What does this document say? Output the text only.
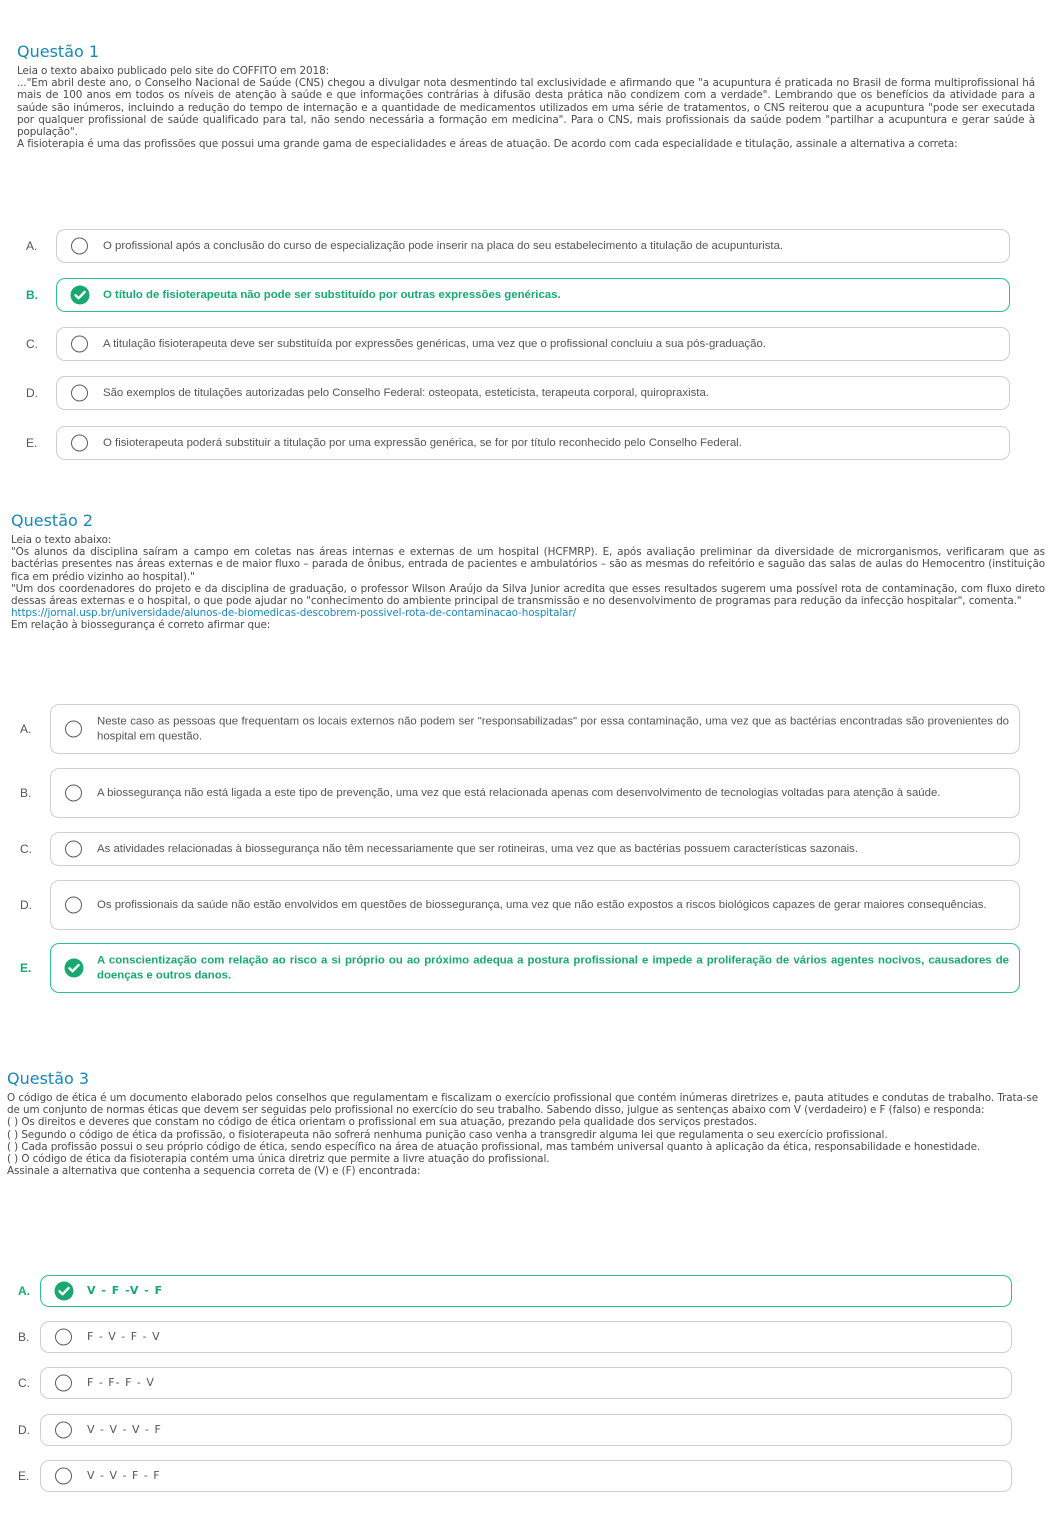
Questão 1

Leia o texto abaixo publicado pelo site do COFFITO em 2018:

..."Em abril deste ano, o Conselho Nacional de Saúde (CNS) chegou a divulgar nota desmentindo tal exclusividade e afirmando que "a acupuntura é praticada no Brasil de forma multiprofissional há mais de 100 anos em todos os níveis de atenção à saúde e que informações contrárias à difusão desta prática não condizem com a verdade". Lembrando que os benefícios da atividade para a saúde são inúmeros, incluindo a redução do tempo de internação e a quantidade de medicamentos utilizados em uma série de tratamentos, o CNS reiterou que a acupuntura "pode ser executada por qualquer profissional de saúde qualificado para tal, não sendo necessária a formação em medicina". Para o CNS, mais profissionais da saúde podem "partilhar a acupuntura e gerar saúde à população".

A fisioterapia é uma das profissões que possui uma grande gama de especialidades e áreas de atuação. De acordo com cada especialidade e titulação, assinale a alternativa a correta:

A.	O profissional após a conclusão do curso de especialização pode inserir na placa do seu estabelecimento a titulação de acupunturista.
B.	O título de fisioterapeuta não pode ser substituído por outras expressões genéricas.
C.	A titulação fisioterapeuta deve ser substituída por expressões genéricas, uma vez que o profissional concluiu a sua pós-graduação.
D.	São exemplos de titulações autorizadas pelo Conselho Federal: osteopata, esteticista, terapeuta corporal, quiropraxista.
E.	O fisioterapeuta poderá substituir a titulação por uma expressão genérica, se for por título reconhecido pelo Conselho Federal.
Questão 2

Leia o texto abaixo:

"Os alunos da disciplina saíram a campo em coletas nas áreas internas e externas de um hospital (HCFMRP). E, após avaliação preliminar da diversidade de microrganismos, verificaram que as bactérias presentes nas áreas externas e de maior fluxo – parada de ônibus, entrada de pacientes e ambulatórios – são as mesmas do refeitório e saguão das salas de aulas do Hemocentro (instituição fica em prédio vizinho ao hospital)."

"Um dos coordenadores do projeto e da disciplina de graduação, o professor Wilson Araújo da Silva Junior acredita que esses resultados sugerem uma possível rota de contaminação, com fluxo direto dessas áreas externas e o hospital, o que pode ajudar no "conhecimento do ambiente principal de transmissão e no desenvolvimento de programas para redução da infecção hospitalar", comenta."

https://jornal.usp.br/universidade/alunos-de-biomedicas-descobrem-possivel-rota-de-contaminacao-hospitalar/

Em relação à biossegurança é correto afirmar que:

A.
Neste caso as pessoas que frequentam os locais externos não podem ser "responsabilizadas" por essa contaminação, uma vez que as bactérias encontradas são provenientes do hospital em questão.
B.	A biossegurança não está ligada a este tipo de prevenção, uma vez que está relacionada apenas com desenvolvimento de tecnologias voltadas para atenção à saúde.
C.	As atividades relacionadas à biossegurança não têm necessariamente que ser rotineiras, uma vez que as bactérias possuem características sazonais.
D.	Os profissionais da saúde não estão envolvidos em questões de biossegurança, uma vez que não estão expostos a riscos biológicos capazes de gerar maiores consequências.
E.
A conscientização com relação ao risco a si próprio ou ao próximo adequa a postura profissional e impede a proliferação de vários agentes nocivos, causadores de doenças e outros danos.
Questão 3

O código de ética é um documento elaborado pelos conselhos que regulamentam e fiscalizam o exercício profissional que contém inúmeras diretrizes e, pauta atitudes e condutas de trabalho. Trata-se de um conjunto de normas éticas que devem ser seguidas pelo profissional no exercício do seu trabalho. Sabendo disso, julgue as sentenças abaixo com V (verdadeiro) e F (falso) e responda:

( ) Os direitos e deveres que constam no código de ética orientam o profissional em sua atuação, prezando pela qualidade dos serviços prestados.

( ) Segundo o código de ética da profissão, o fisioterapeuta não sofrerá nenhuma punição caso venha a transgredir alguma lei que regulamenta o seu exercício profissional.

( ) Cada profissão possui o seu próprio código de ética, sendo específico na área de atuação profissional, mas também universal quanto à aplicação da ética, responsabilidade e honestidade.

( ) O código de ética da fisioterapia contém uma única diretriz que permite a livre atuação do profissional.

Assinale a alternativa que contenha a sequencia correta de (V) e (F) encontrada:

A.	V - F -V - F
B.	F - V - F - V
C.	F - F- F - V
D.	V - V - V - F
E.	V - V - F - F
